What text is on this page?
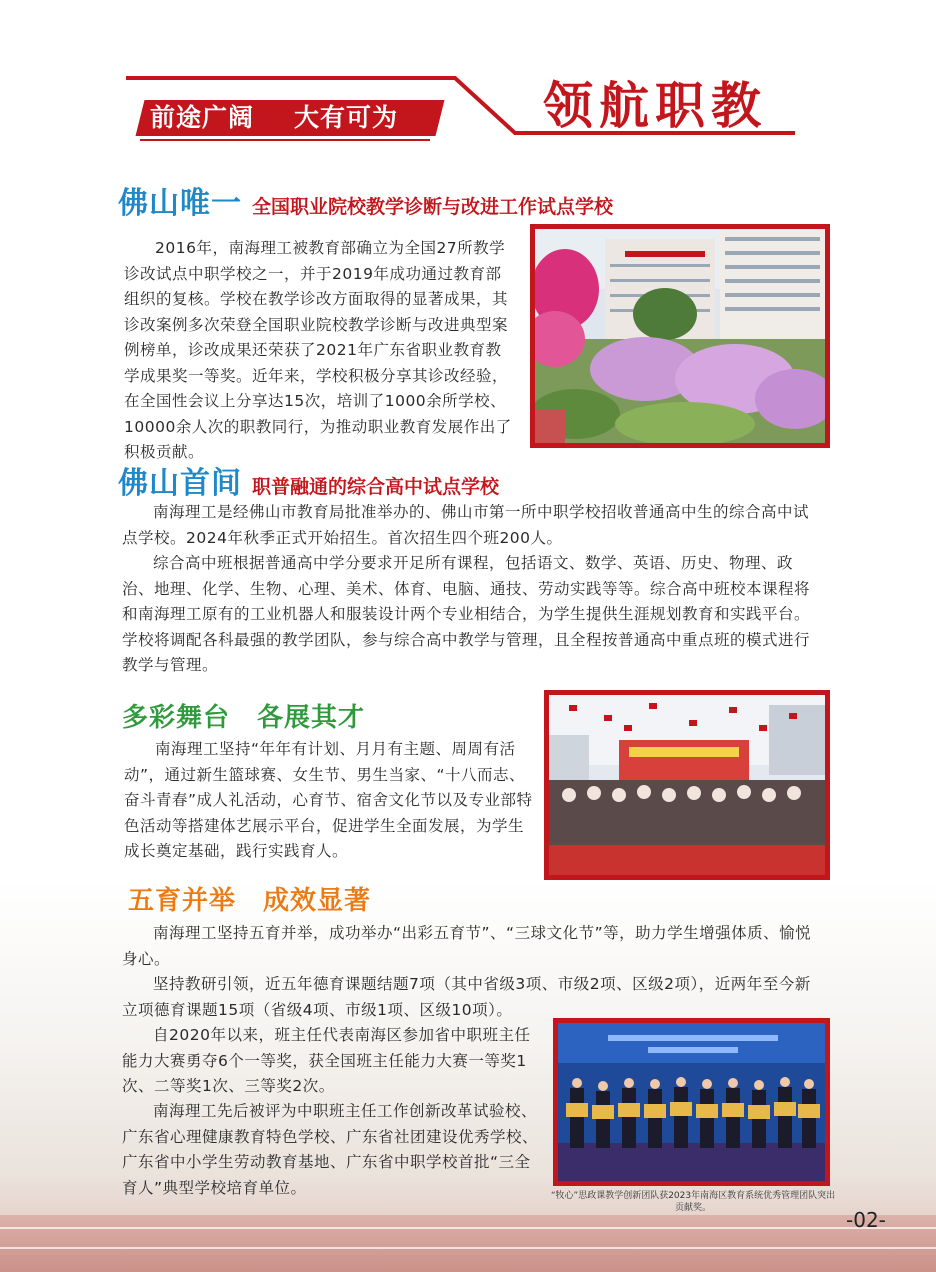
前途广阔 大有可为	领航职教
佛山唯一 全国职业院校教学诊断与改进工作试点学校

2016年，南海理工被教育部确立为全国27所教学诊改试点中职学校之一，并于2019年成功通过教育部组织的复核。学校在教学诊改方面取得的显著成果，其诊改案例多次荣登全国职业院校教学诊断与改进典型案例榜单，诊改成果还荣获了2021年广东省职业教育教学成果奖一等奖。近年来，学校积极分享其诊改经验，在全国性会议上分享达15次，培训了1000余所学校、10000余人次的职教同行，为推动职业教育发展作出了积极贡献。

佛山首间 职普融通的综合高中试点学校

南海理工是经佛山市教育局批准举办的、佛山市第一所中职学校招收普通高中生的综合高中试点学校。2024年秋季正式开始招生。首次招生四个班200人。

综合高中班根据普通高中学分要求开足所有课程，包括语文、数学、英语、历史、物理、政治、地理、化学、生物、心理、美术、体育、电脑、通技、劳动实践等等。综合高中班校本课程将和南海理工原有的工业机器人和服装设计两个专业相结合，为学生提供生涯规划教育和实践平台。学校将调配各科最强的教学团队，参与综合高中教学与管理，且全程按普通高中重点班的模式进行教学与管理。

多彩舞台　各展其才

南海理工坚持“年年有计划、月月有主题、周周有活动”，通过新生篮球赛、女生节、男生当家、“十八而志、奋斗青春”成人礼活动，心育节、宿舍文化节以及专业部特色活动等搭建体艺展示平台，促进学生全面发展，为学生成长奠定基础，践行实践育人。

五育并举　成效显著

南海理工坚持五育并举，成功举办“出彩五育节”、“三球文化节”等，助力学生增强体质、愉悦身心。

坚持教研引领，近五年德育课题结题7项（其中省级3项、市级2项、区级2项），近两年至今新立项德育课题15项（省级4项、市级1项、区级10项）。

自2020年以来，班主任代表南海区参加省中职班主任能力大赛勇夺6个一等奖，获全国班主任能力大赛一等奖1次、二等奖1次、三等奖2次。

南海理工先后被评为中职班主任工作创新改革试验校、广东省心理健康教育特色学校、广东省社团建设优秀学校、广东省中小学生劳动教育基地、广东省中职学校首批“三全育人”典型学校培育单位。	“牧心”思政课教学创新团队获2023年南海区教育系统优秀管理团队突出贡献奖。	-02-
